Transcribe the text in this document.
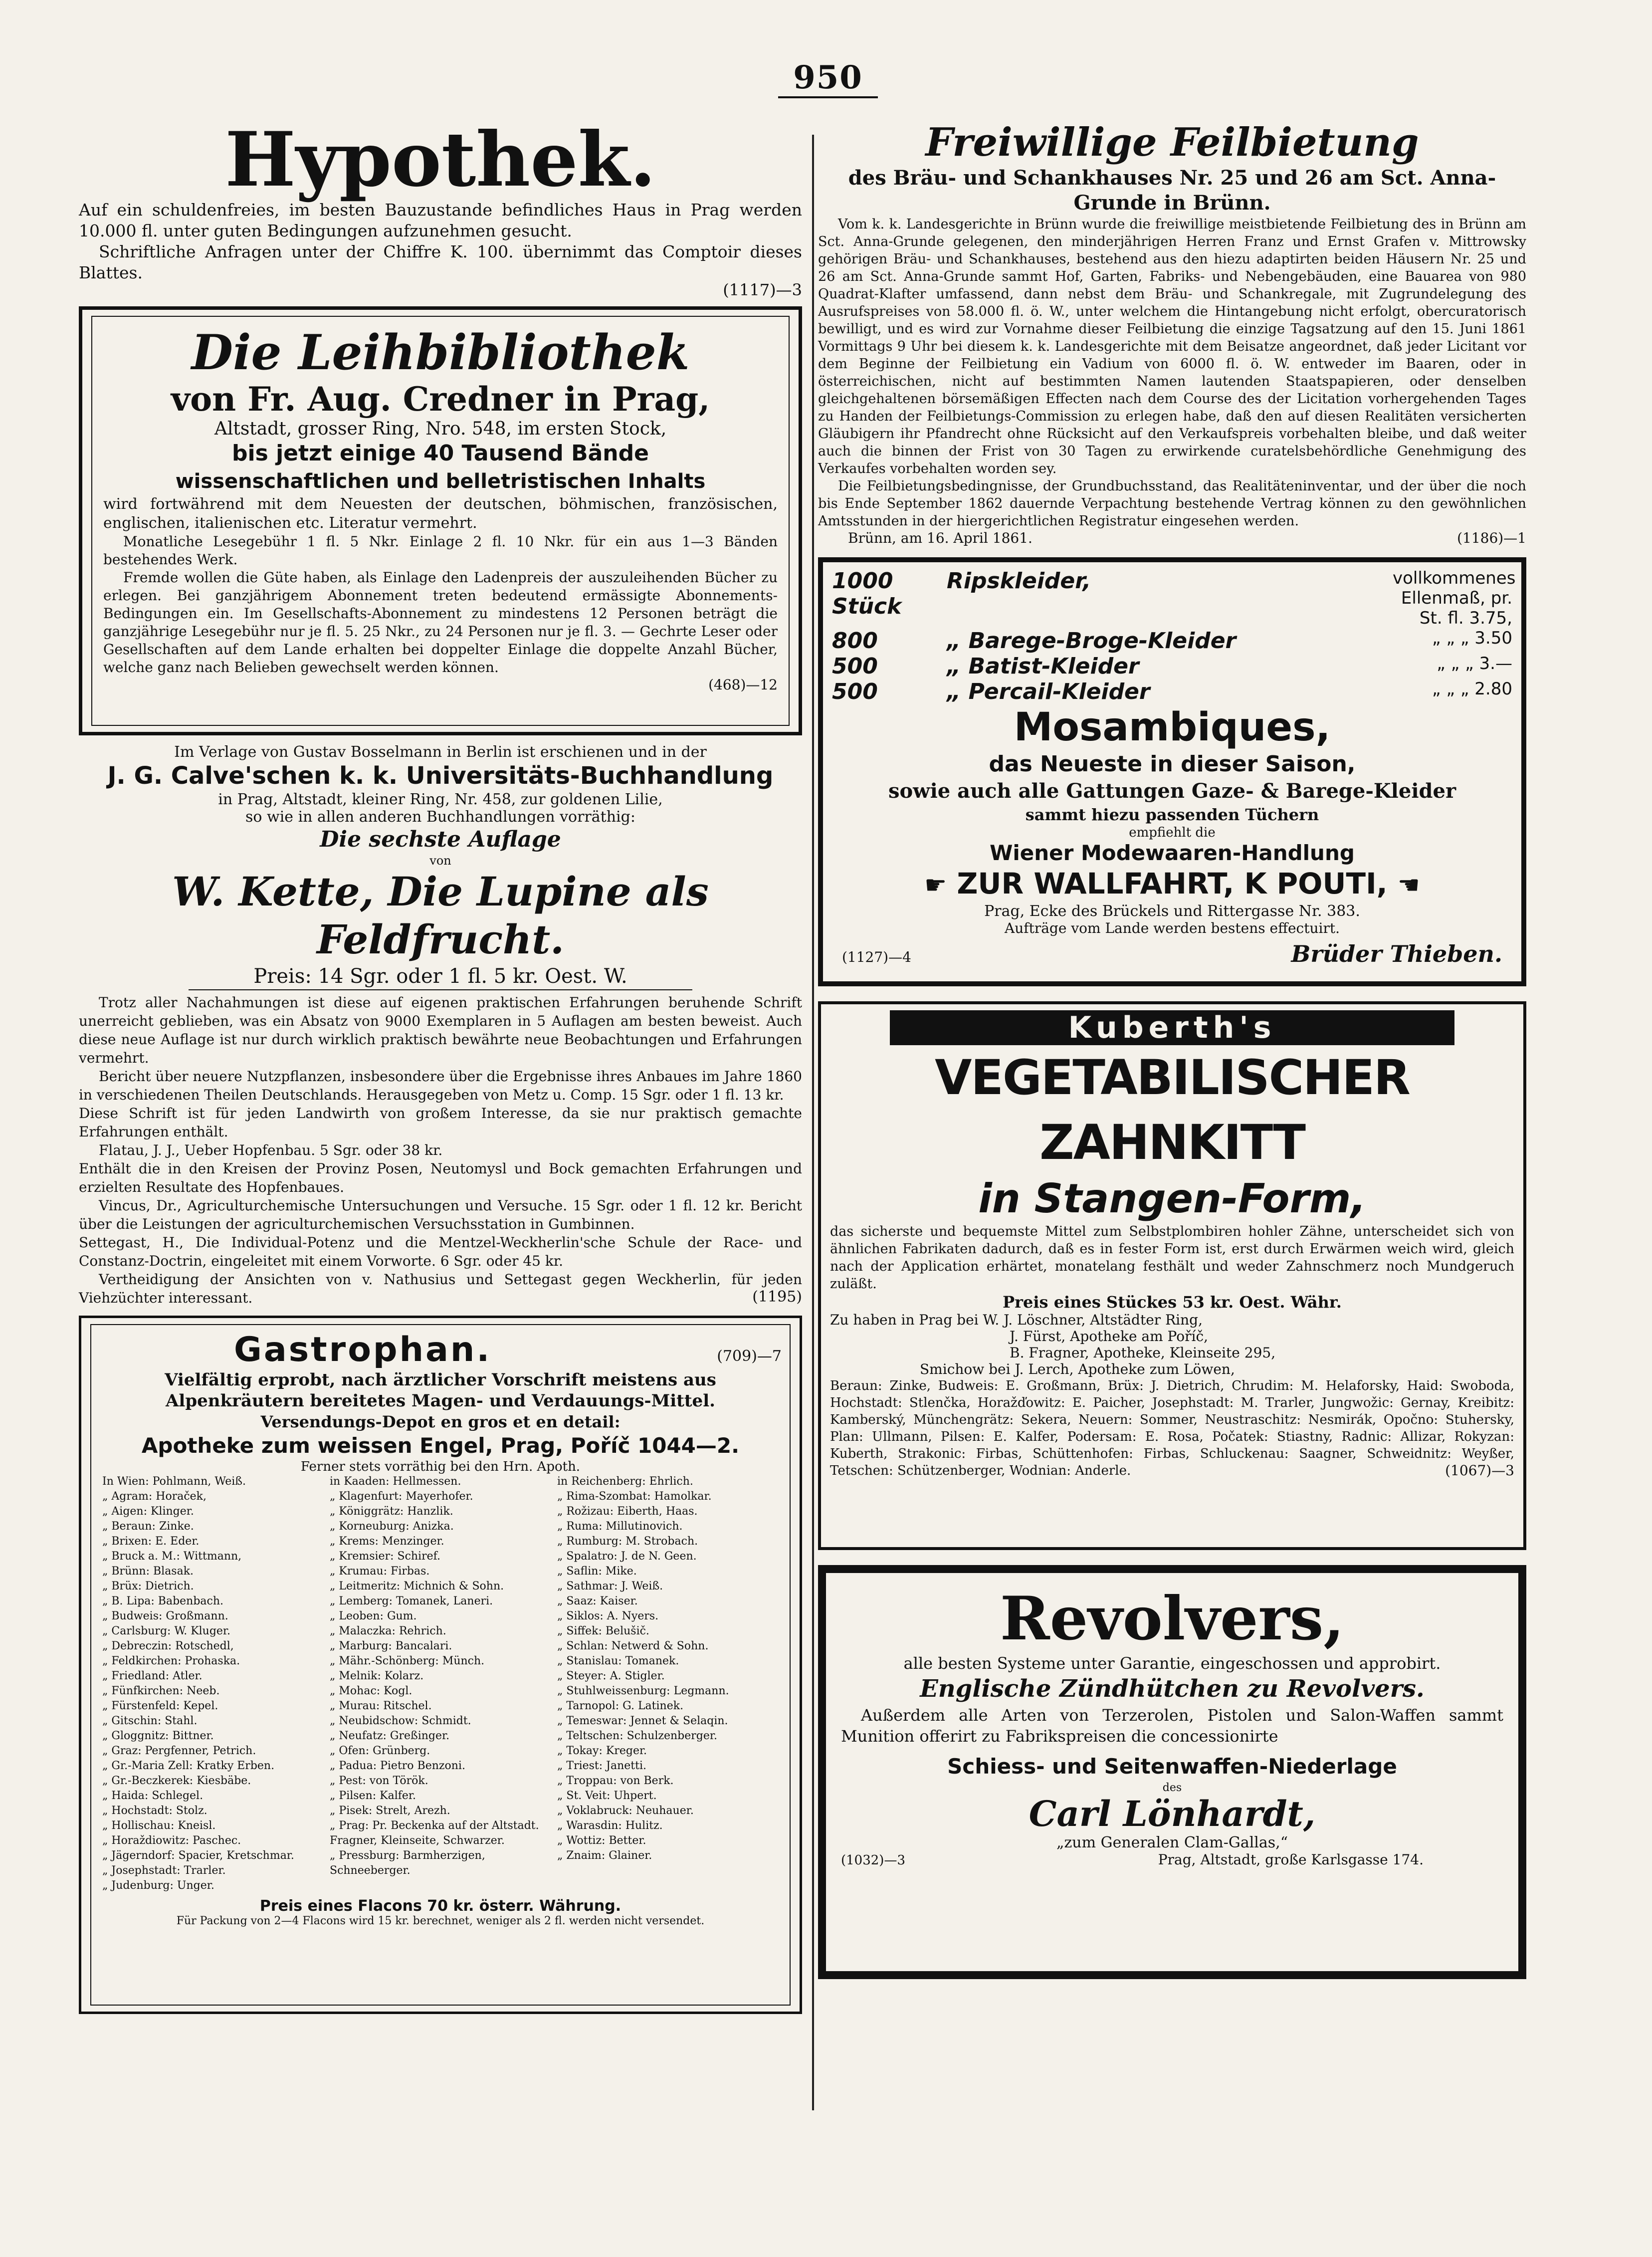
950
Hypothek.

Auf ein schuldenfreies, im besten Bauzustande befindliches Haus in Prag werden 10.000 fl. unter guten Bedingungen aufzunehmen gesucht.

Schriftliche Anfragen unter der Chiffre K. 100. übernimmt das Comptoir dieses Blattes.

(1117)—3
Die Leihbibliothek
von Fr. Aug. Credner in Prag,
Altstadt, grosser Ring, Nro. 548, im ersten Stock,
bis jetzt einige 40 Tausend Bände
wissenschaftlichen und belletristischen Inhalts

wird fortwährend mit dem Neuesten der deutschen, böhmischen, französischen, englischen, italienischen etc. Literatur vermehrt.

Monatliche Lesegebühr 1 fl. 5 Nkr. Einlage 2 fl. 10 Nkr. für ein aus 1—3 Bänden bestehendes Werk.

Fremde wollen die Güte haben, als Einlage den Ladenpreis der auszuleihenden Bücher zu erlegen. Bei ganzjährigem Abonnement treten bedeutend ermässigte Abonnements-Bedingungen ein. Im Gesellschafts-Abonnement zu mindestens 12 Personen beträgt die ganzjährige Lesegebühr nur je fl. 5. 25 Nkr., zu 24 Personen nur je fl. 3. — Gechrte Leser oder Gesellschaften auf dem Lande erhalten bei doppelter Einlage die doppelte Anzahl Bücher, welche ganz nach Belieben gewechselt werden können.

(468)—12
Im Verlage von Gustav Bosselmann in Berlin ist erschienen und in der
J. G. Calve'schen k. k. Universitäts-Buchhandlung
in Prag, Altstadt, kleiner Ring, Nr. 458, zur goldenen Lilie,
so wie in allen anderen Buchhandlungen vorräthig:
Die sechste Auflage
von
W. Kette, Die Lupine als Feldfrucht.
Preis: 14 Sgr. oder 1 fl. 5 kr. Oest. W.

Trotz aller Nachahmungen ist diese auf eigenen praktischen Erfahrungen beruhende Schrift unerreicht geblieben, was ein Absatz von 9000 Exemplaren in 5 Auflagen am besten beweist. Auch diese neue Auflage ist nur durch wirklich praktisch bewährte neue Beobachtungen und Erfahrungen vermehrt.

Bericht über neuere Nutzpflanzen, insbesondere über die Ergebnisse ihres Anbaues im Jahre 1860 in verschiedenen Theilen Deutschlands. Herausgegeben von Metz u. Comp. 15 Sgr. oder 1 fl. 13 kr.

Diese Schrift ist für jeden Landwirth von großem Interesse, da sie nur praktisch gemachte Erfahrungen enthält.

Flatau, J. J., Ueber Hopfenbau. 5 Sgr. oder 38 kr.

Enthält die in den Kreisen der Provinz Posen, Neutomysl und Bock gemachten Erfahrungen und erzielten Resultate des Hopfenbaues.

Vincus, Dr., Agriculturchemische Untersuchungen und Versuche. 15 Sgr. oder 1 fl. 12 kr. Bericht über die Leistungen der agriculturchemischen Versuchsstation in Gumbinnen.

Settegast, H., Die Individual-Potenz und die Mentzel-Weckherlin'sche Schule der Race- und Constanz-Doctrin, eingeleitet mit einem Vorworte. 6 Sgr. oder 45 kr.

Vertheidigung der Ansichten von v. Nathusius und Settegast gegen Weckherlin, für jeden Viehzüchter interessant.	(1195)
Gastrophan.	(709)—7
Vielfältig erprobt, nach ärztlicher Vorschrift meistens aus Alpenkräutern bereitetes Magen- und Verdauungs-Mittel.
Versendungs-Depot en gros et en detail:
Apotheke zum weissen Engel, Prag, Poříč 1044—2.
Ferner stets vorräthig bei den Hrn. Apoth.
In Wien: Pohlmann, Weiß.
„ Agram: Horaček,
„ Aigen: Klinger.
„ Beraun: Zinke.
„ Brixen: E. Eder.
„ Bruck a. M.: Wittmann,
„ Brünn: Blasak.
„ Brüx: Dietrich.
„ B. Lipa: Babenbach.
„ Budweis: Großmann.
„ Carlsburg: W. Kluger.
„ Debreczin: Rotschedl,
„ Feldkirchen: Prohaska.
„ Friedland: Atler.
„ Fünfkirchen: Neeb.
„ Fürstenfeld: Kepel.
„ Gitschin: Stahl.
„ Gloggnitz: Bittner.
„ Graz: Pergfenner, Petrich.
„ Gr.-Maria Zell: Kratky Erben.
„ Gr.-Beczkerek: Kiesbäbe.
„ Haida: Schlegel.
„ Hochstadt: Stolz.
„ Hollischau: Kneisl.
„ Horaždiowitz: Paschec.
„ Jägerndorf: Spacier, Kretschmar.
„ Josephstadt: Trarler.
„ Judenburg: Unger.
in Kaaden: Hellmessen.
„ Klagenfurt: Mayerhofer.
„ Königgrätz: Hanzlik.
„ Korneuburg: Anizka.
„ Krems: Menzinger.
„ Kremsier: Schiref.
„ Krumau: Firbas.
„ Leitmeritz: Michnich & Sohn.
„ Lemberg: Tomanek, Laneri.
„ Leoben: Gum.
„ Malaczka: Rehrich.
„ Marburg: Bancalari.
„ Mähr.-Schönberg: Münch.
„ Melnik: Kolarz.
„ Mohac: Kogl.
„ Murau: Ritschel.
„ Neubidschow: Schmidt.
„ Neufatz: Greßinger.
„ Ofen: Grünberg.
„ Padua: Pietro Benzoni.
„ Pest: von Török.
„ Pilsen: Kalfer.
„ Pisek: Strelt, Arezh.
„ Prag: Pr. Beckenka auf der Altstadt.
Fragner, Kleinseite, Schwarzer.
„ Pressburg: Barmherzigen, Schneeberger.
in Reichenberg: Ehrlich.
„ Rima-Szombat: Hamolkar.
„ Rožizau: Eiberth, Haas.
„ Ruma: Millutinovich.
„ Rumburg: M. Strobach.
„ Spalatro: J. de N. Geen.
„ Saflin: Mike.
„ Sathmar: J. Weiß.
„ Saaz: Kaiser.
„ Siklos: A. Nyers.
„ Siffek: Belušič.
„ Schlan: Netwerd & Sohn.
„ Stanislau: Tomanek.
„ Steyer: A. Stigler.
„ Stuhlweissenburg: Legmann.
„ Tarnopol: G. Latinek.
„ Temeswar: Jennet & Selaqin.
„ Teltschen: Schulzenberger.
„ Tokay: Kreger.
„ Triest: Janetti.
„ Troppau: von Berk.
„ St. Veit: Uhpert.
„ Voklabruck: Neuhauer.
„ Warasdin: Hulitz.
„ Wottiz: Better.
„ Znaim: Glainer.
Preis eines Flacons 70 kr. österr. Währung.
Für Packung von 2—4 Flacons wird 15 kr. berechnet, weniger als 2 fl. werden nicht versendet.
Freiwillige Feilbietung
des Bräu- und Schankhauses Nr. 25 und 26 am Sct. Anna-Grunde in Brünn.

Vom k. k. Landesgerichte in Brünn wurde die freiwillige meistbietende Feilbietung des in Brünn am Sct. Anna-Grunde gelegenen, den minderjährigen Herren Franz und Ernst Grafen v. Mittrowsky gehörigen Bräu- und Schankhauses, bestehend aus den hiezu adaptirten beiden Häusern Nr. 25 und 26 am Sct. Anna-Grunde sammt Hof, Garten, Fabriks- und Nebengebäuden, eine Bauarea von 980 Quadrat-Klafter umfassend, dann nebst dem Bräu- und Schankregale, mit Zugrundelegung des Ausrufspreises von 58.000 fl. ö. W., unter welchem die Hintangebung nicht erfolgt, obercuratorisch bewilligt, und es wird zur Vornahme dieser Feilbietung die einzige Tagsatzung auf den 15. Juni 1861 Vormittags 9 Uhr bei diesem k. k. Landesgerichte mit dem Beisatze angeordnet, daß jeder Licitant vor dem Beginne der Feilbietung ein Vadium von 6000 fl. ö. W. entweder im Baaren, oder in österreichischen, nicht auf bestimmten Namen lautenden Staatspapieren, oder denselben gleichgehaltenen börsemäßigen Effecten nach dem Course des der Licitation vorhergehenden Tages zu Handen der Feilbietungs-Commission zu erlegen habe, daß den auf diesen Realitäten versicherten Gläubigern ihr Pfandrecht ohne Rücksicht auf den Verkaufspreis vorbehalten bleibe, und daß weiter auch die binnen der Frist von 30 Tagen zu erwirkende curatelsbehördliche Genehmigung des Verkaufes vorbehalten worden sey.

Die Feilbietungsbedingnisse, der Grundbuchsstand, das Realitäteninventar, und der über die noch bis Ende September 1862 dauernde Verpachtung bestehende Vertrag können zu den gewöhnlichen Amtsstunden in der hiergerichtlichen Registratur eingesehen werden.

Brünn, am 16. April 1861.	(1186)—1
1000 Stück
Ripskleider,	vollkommenes Ellenmaß, pr. St. fl. 3.75,
800	„ Barege-Broge-Kleider	„ „ „ 3.50
500	„ Batist-Kleider	„ „ „ 3.—
500	„ Percail-Kleider	„ „ „ 2.80
Mosambiques,
das Neueste in dieser Saison,
sowie auch alle Gattungen Gaze- & Barege-Kleider
sammt hiezu passenden Tüchern
empfiehlt die
Wiener Modewaaren-Handlung
☛ ZUR WALLFAHRT, K POUTI, ☚
Prag, Ecke des Brückels und Rittergasse Nr. 383.
Aufträge vom Lande werden bestens effectuirt.
(1127)—4	Brüder Thieben.
Kuberth's
VEGETABILISCHER ZAHNKITT
in Stangen-Form,

das sicherste und bequemste Mittel zum Selbstplombiren hohler Zähne, unterscheidet sich von ähnlichen Fabrikaten dadurch, daß es in fester Form ist, erst durch Erwärmen weich wird, gleich nach der Application erhärtet, monatelang festhält und weder Zahnschmerz noch Mundgeruch zuläßt.

Preis eines Stückes 53 kr. Oest. Währ.
Zu haben in Prag bei W. J. Löschner, Altstädter Ring,
J. Fürst, Apotheke am Poříč,
B. Fragner, Apotheke, Kleinseite 295,
Smichow bei J. Lerch, Apotheke zum Löwen,

Beraun: Zinke, Budweis: E. Großmann, Brüx: J. Dietrich, Chrudim: M. Helaforsky, Haid: Swoboda, Hochstadt: Stlenčka, Horažďowitz: E. Paicher, Josephstadt: M. Trarler, Jungwožic: Gernay, Kreibitz: Kamberský, Münchengrätz: Sekera, Neuern: Sommer, Neustraschitz: Nesmirák, Opočno: Stuhersky, Plan: Ullmann, Pilsen: E. Kalfer, Podersam: E. Rosa, Počatek: Stiastny, Radnic: Allizar, Rokyzan: Kuberth, Strakonic: Firbas, Schüttenhofen: Firbas, Schluckenau: Saagner, Schweidnitz: Weyßer, Tetschen: Schützenberger, Wodnian: Anderle.	(1067)—3
Revolvers,
alle besten Systeme unter Garantie, eingeschossen und approbirt.
Englische Zündhütchen zu Revolvers.

Außerdem alle Arten von Terzerolen, Pistolen und Salon-Waffen sammt Munition offerirt zu Fabrikspreisen die concessionirte

Schiess- und Seitenwaffen-Niederlage
des
Carl Lönhardt,
„zum Generalen Clam-Gallas,“
(1032)—3	Prag, Altstadt, große Karlsgasse 174.
